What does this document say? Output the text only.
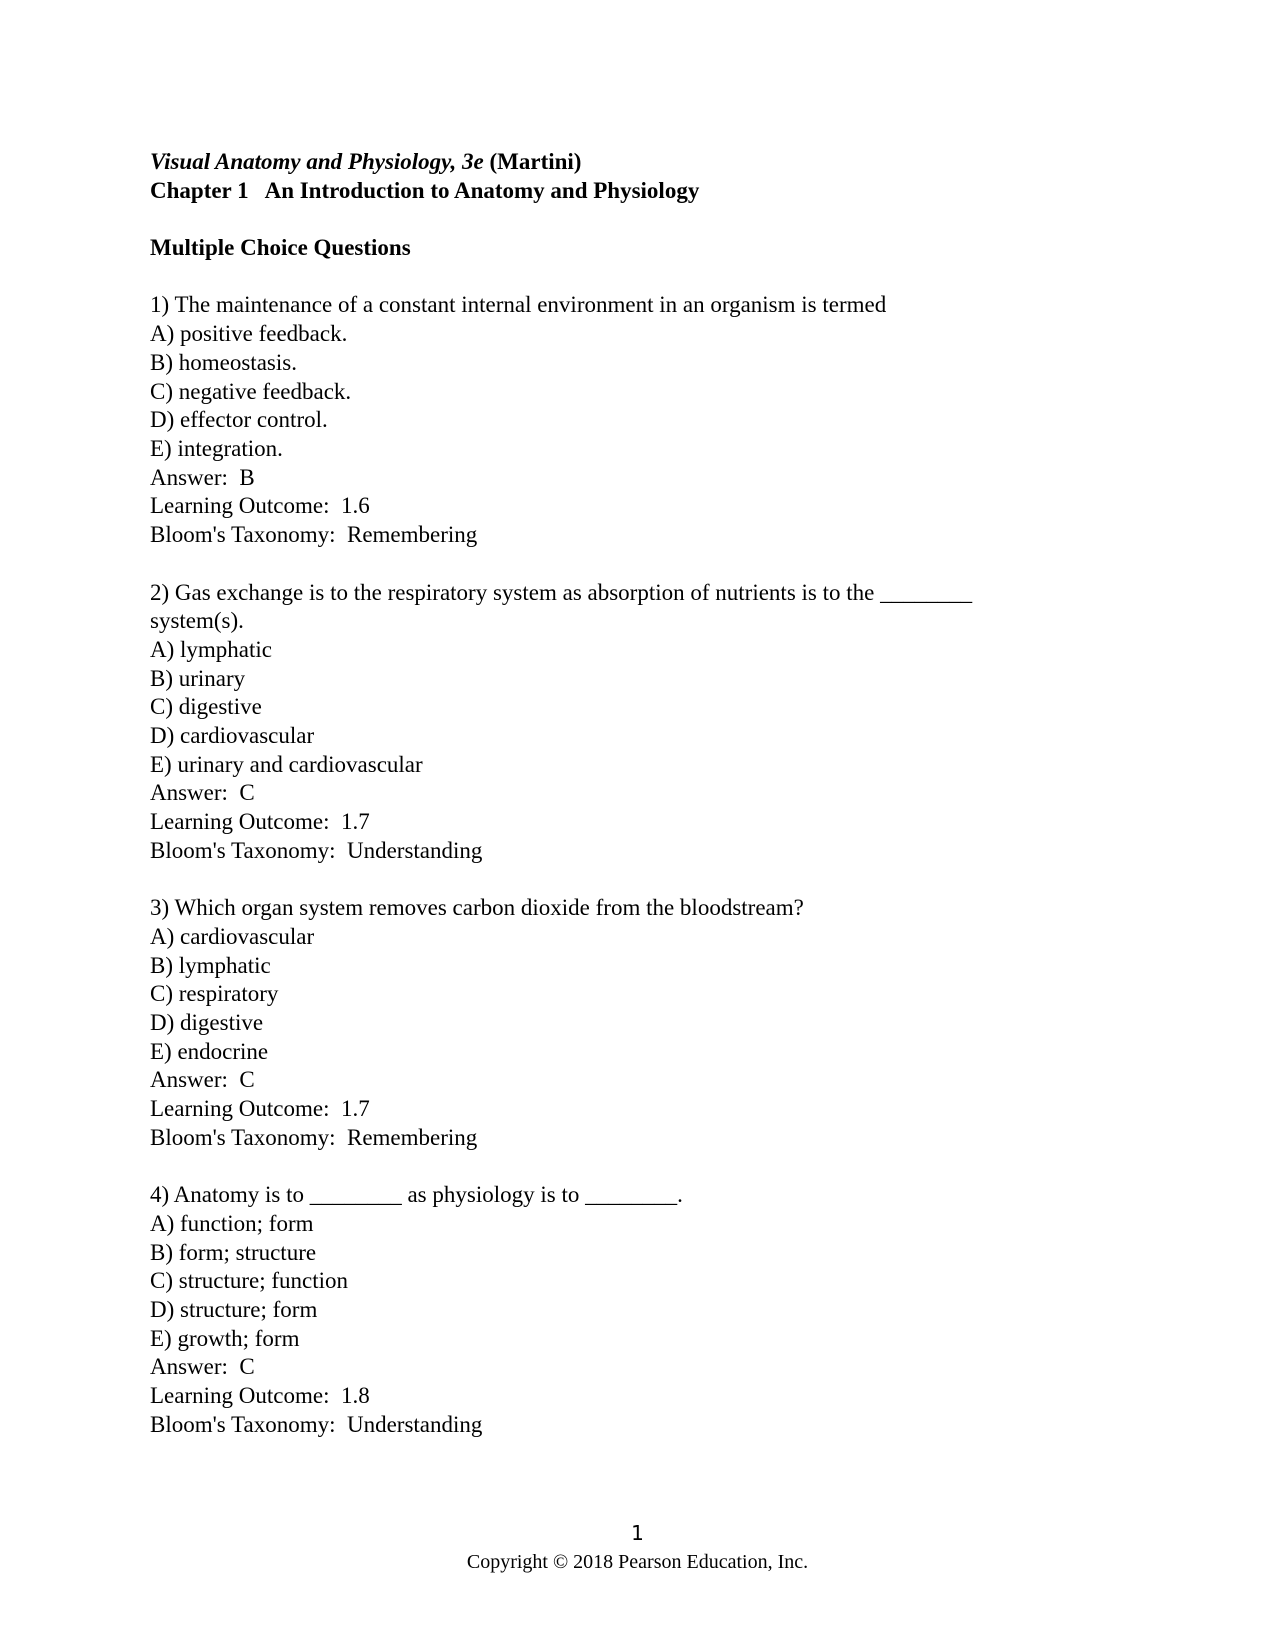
Visual Anatomy and Physiology, 3e (Martini)
Chapter 1   An Introduction to Anatomy and Physiology
Multiple Choice Questions
1) The maintenance of a constant internal environment in an organism is termed
A) positive feedback.
B) homeostasis.
C) negative feedback.
D) effector control.
E) integration.
Answer:  B
Learning Outcome:  1.6
Bloom's Taxonomy:  Remembering
2) Gas exchange is to the respiratory system as absorption of nutrients is to the ________
system(s).
A) lymphatic
B) urinary
C) digestive
D) cardiovascular
E) urinary and cardiovascular
Answer:  C
Learning Outcome:  1.7
Bloom's Taxonomy:  Understanding
3) Which organ system removes carbon dioxide from the bloodstream?
A) cardiovascular
B) lymphatic
C) respiratory
D) digestive
E) endocrine
Answer:  C
Learning Outcome:  1.7
Bloom's Taxonomy:  Remembering
4) Anatomy is to ________ as physiology is to ________.
A) function; form
B) form; structure
C) structure; function
D) structure; form
E) growth; form
Answer:  C
Learning Outcome:  1.8
Bloom's Taxonomy:  Understanding
1
Copyright © 2018 Pearson Education, Inc.
